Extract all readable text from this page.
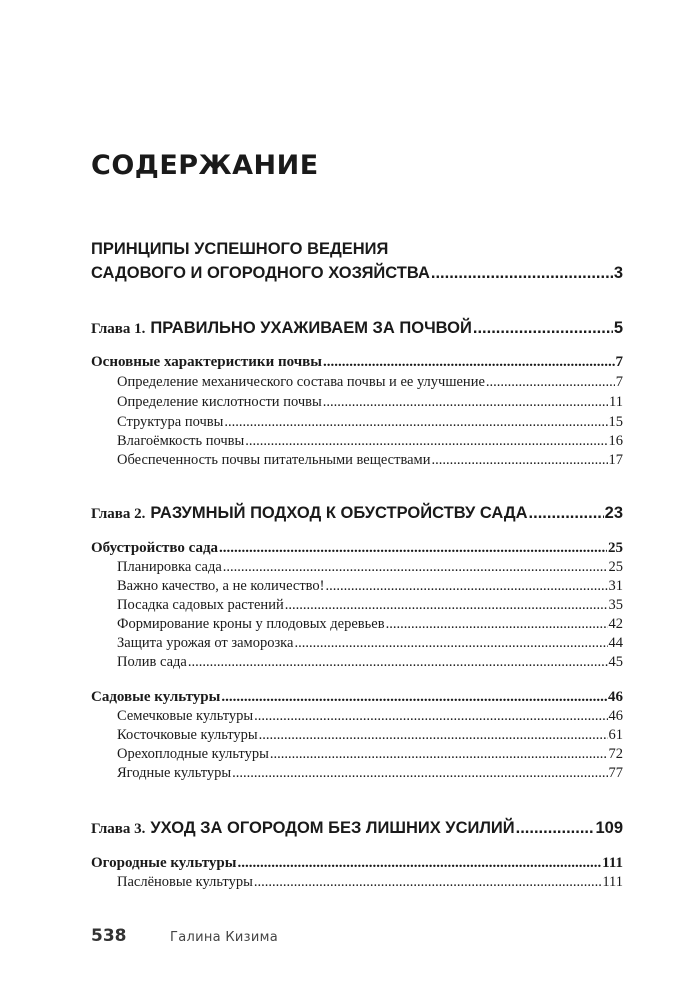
СОДЕРЖАНИЕ
ПРИНЦИПЫ УСПЕШНОГО ВЕДЕНИЯ
САДОВОГО И ОГОРОДНОГО ХОЗЯЙСТВА .....	3
Глава 1. ПРАВИЛЬНО УХАЖИВАЕМ ЗА ПОЧВОЙ .....	5
Основные характеристики почвы .....	7
Определение механического состава почвы и ее улучшение .....	7
Определение кислотности почвы .....	11
Структура почвы .....	15
Влагоёмкость почвы .....	16
Обеспеченность почвы питательными веществами .....	17
Глава 2. РАЗУМНЫЙ ПОДХОД К ОБУСТРОЙСТВУ САДА .....	23
Обустройство сада .....	25
Планировка сада .....	25
Важно качество, а не количество! .....	31
Посадка садовых растений .....	35
Формирование кроны у плодовых деревьев .....	42
Защита урожая от заморозка .....	44
Полив сада .....	45
Садовые культуры .....	46
Семечковые культуры .....	46
Косточковые культуры .....	61
Орехоплодные культуры .....	72
Ягодные культуры .....	77
Глава 3. УХОД ЗА ОГОРОДОМ БЕЗ ЛИШНИХ УСИЛИЙ .....	109
Огородные культуры .....	111
Паслёновые культуры .....	111
538	Галина Кизима
